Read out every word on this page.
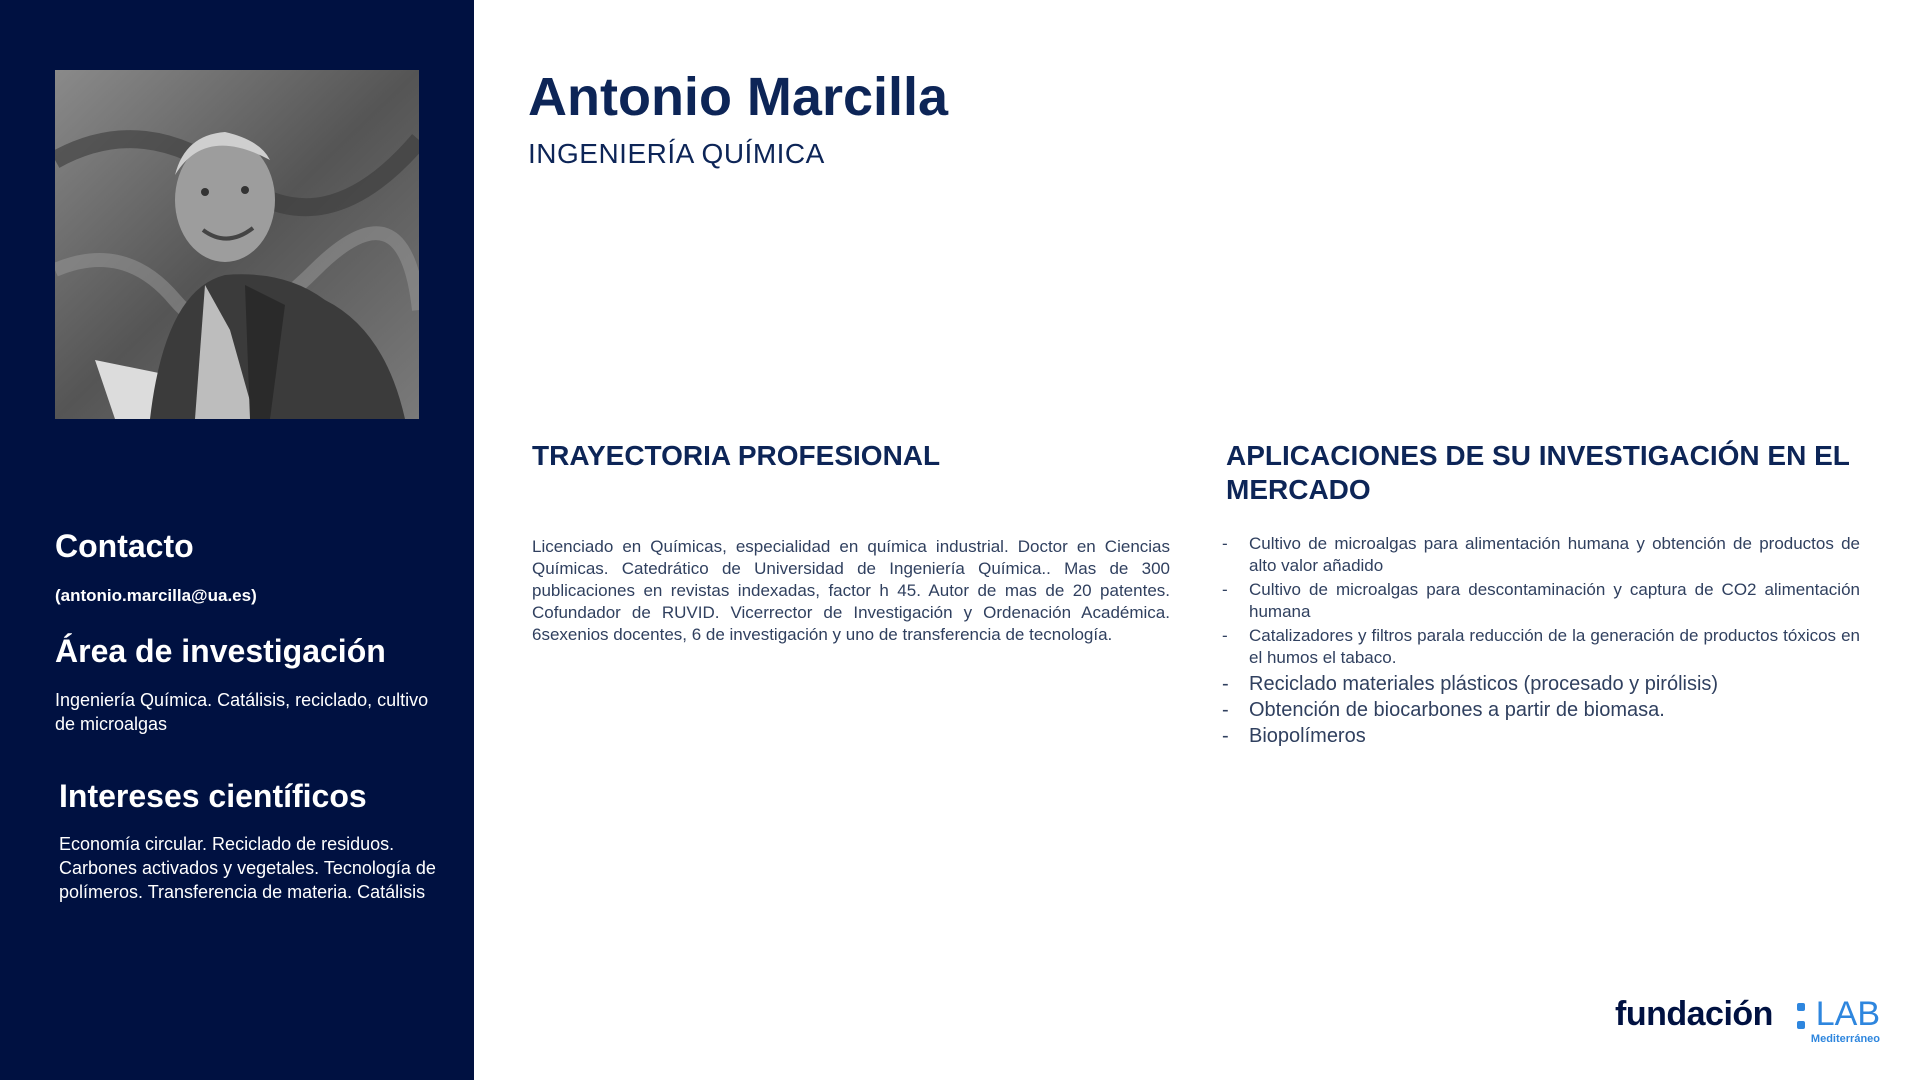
Contacto

(antonio.marcilla@ua.es)

Área de investigación

Ingeniería Química. Catálisis, reciclado, cultivo de microalgas

Intereses científicos

Economía circular. Reciclado de residuos. Carbones activados y vegetales. Tecnología de polímeros. Transferencia de materia. Catálisis

Antonio Marcilla

INGENIERÍA QUÍMICA

TRAYECTORIA PROFESIONAL

Licenciado en Químicas, especialidad en química industrial. Doctor en Ciencias Químicas. Catedrático de Universidad de Ingeniería Química.. Mas de 300 publicaciones en revistas indexadas, factor h 45. Autor de mas de 20 patentes. Cofundador de RUVID. Vicerrector de Investigación y Ordenación Académica. 6sexenios docentes, 6 de investigación y uno de transferencia de tecnología.

APLICACIONES DE SU INVESTIGACIÓN EN EL MERCADO
- Cultivo de microalgas para alimentación humana y obtención de productos de alto valor añadido
- Cultivo de microalgas para descontaminación y captura de CO2 alimentación humana
- Catalizadores y filtros parala reducción de la generación de productos tóxicos en el humos el tabaco.
- Reciclado materiales plásticos (procesado y pirólisis)
- Obtención de biocarbones a partir de biomasa.
- Biopolímeros

fundación LAB

Mediterráneo
